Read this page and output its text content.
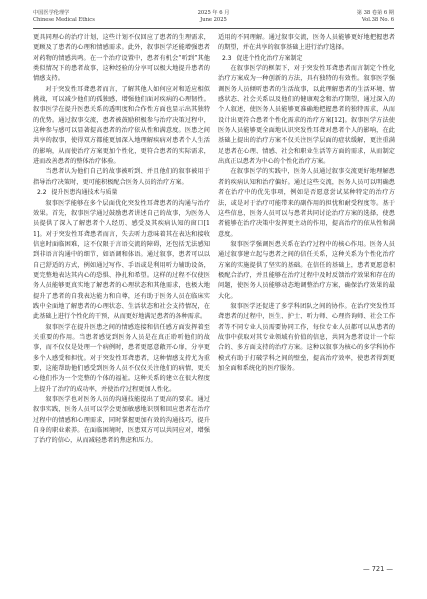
中国医学伦理学
Chinese Medical Ethics
2025 年 6 月
June 2025
第 38 卷第 6 期
Vol.38 No. 6

更具同理心的治疗计划，这些计划不仅回应了患者的生理需求，更顾及了患者的心理和情感需求。此外，叙事医学还能增强患者对药物的情感共鸣。在一个治疗设置中，患者有机会“听到”其他类似情况下的患者故事，这种经验的分享可以极大地提升患者的情感支持。

对于突发性耳聋患者而言，了解其他人如何应对和适应相似挑战，可以减少他们的孤独感，增强他们面对疾病的心理韧性。叙事医学在提升医患关系的透明度和合作性方面也显示出其独特的优势。通过叙事交流，患者被鼓励积极参与治疗决策过程中，这种参与感可以显著提高患者的治疗依从性和满意度。医患之间共享的叙事，使得双方都能更加深入地理解疾病对患者个人生活的影响，从而使治疗方案更加个性化，更符合患者的实际需求，进而改善患者的整体治疗体验。

当患者认为他们自己的故事被听到、并且他们的叙事被用于指导治疗决策时，更可能积极配合医务人员的治疗方案。

2.2 提升医患沟通技术与质量

叙事医学能够在多个层面优化突发性耳聋患者的沟通与治疗效果。首先，叙事医学通过鼓励患者讲述自己的故事，为医务人员提供了深入了解患者个人经历、感受及其疾病认知的窗口[11]。对于突发性耳聋患者而言，失去听力意味着其在表达和接收信息时面临困难，这不仅限于言语交流的障碍，还包括无法感知到非语言沟通中的细节，如语调和体语。通过叙事，患者可以以自己舒适的方式，例如通过写作、手语或是利用听力辅助设备，更完整地表达其内心的恐惧、挣扎和希望。这样的过程不仅使医务人员能够更真实地了解患者的心理状态和其他需求，也极大地提升了患者的自我表达能力和自尊，还有助于医务人员在临床实践中全面地了解患者的心理状态、生活状态和社会支持情况，在此基础上进行个性化的干预，从而更好地满足患者的各种需求。

叙事医学在提升医患之间的情感连接和信任感方面发挥着至关重要的作用。当患者感觉到医务人员是在真正聆听他们的故事，而不仅仅是处理一个病例时，患者更愿意敞开心扉，分享更多个人感受和担忧。对于突发性耳聋患者，这种情感支持尤为重要，这能帮助他们感受到医务人员不仅仅关注他们的病情，更关心他们作为一个完整的个体的福祉。这种关系的建立在很大程度上提升了治疗的成功率，并使治疗过程更加人性化。

叙事医学也对医务人员的沟通技能提出了更高的要求。通过叙事实践，医务人员可以学会更加敏感地识别和回应患者在治疗过程中的情感和心理需求，同时掌握更加有效的沟通技巧，提升自身的职业素养。在面临困境时，医患双方可以共同应对，增强了治疗的信心，从而减轻患者的焦虑和压力。

适用的不同理解。通过叙事交流，医务人员能够更好地把握患者的期望，并在共享的叙事基础上进行治疗选择。

2.3 促进个性化治疗方案制定

在叙事医学的框架下，对于突发性耳聋患者而言制定个性化治疗方案成为一种创新的方法，具有独特的有效性。叙事医学强调医务人员倾听患者的生活故事，以此理解患者的生活环境、情感状态、社会关系以及他们的健康观念和治疗期望，通过深入的个人叙述，使医务人员能够更准确地把握患者的独特需求，从而设计出更符合患者个性化需求的治疗方案[12]。叙事医学方法使医务人员能够更全面地认识突发性耳聋对患者个人的影响，在此基础上提出的治疗方案不仅关注医学层面的症状缓解，更注重满足患者在心理、情感、社会和职业生活等方面的需求，从而制定出真正以患者为中心的个性化治疗方案。

在叙事医学的实践中，医务人员通过叙事交流更好地理解患者的疾病认知和治疗偏好。通过这些交流，医务人员可以明确患者在治疗中的优先事项，例如是否愿意尝试某种特定的治疗方法，或是对于治疗可能带来的副作用的担忧和耐受程度等。基于这些信息，医务人员可以与患者共同讨论治疗方案的选择，使患者能够在治疗决策中发挥更主动的作用，提高治疗的依从性和满意度。

叙事医学强调医患关系在治疗过程中的核心作用。医务人员通过叙事建立起与患者之间的信任关系，这种关系为个性化治疗方案的实施提供了坚实的基础。在信任的基础上，患者更愿意积极配合治疗，并且能够在治疗过程中及时反馈治疗效果和存在的问题，使医务人员能够动态地调整治疗方案，确保治疗效果的最大化。

叙事医学还促进了多学科团队之间的协作。在治疗突发性耳聋患者的过程中，医生、护士、听力师、心理咨询师、社会工作者等不同专业人员需要协同工作，每位专业人员都可以从患者的故事中获取对其专业领域有价值的信息，共同为患者设计一个综合的、多方面支持的治疗方案。这种以叙事为核心的多学科协作模式有助于打破学科之间的壁垒，提高治疗效率，使患者得到更加全面和系统化的医疗服务。

— 721 —
